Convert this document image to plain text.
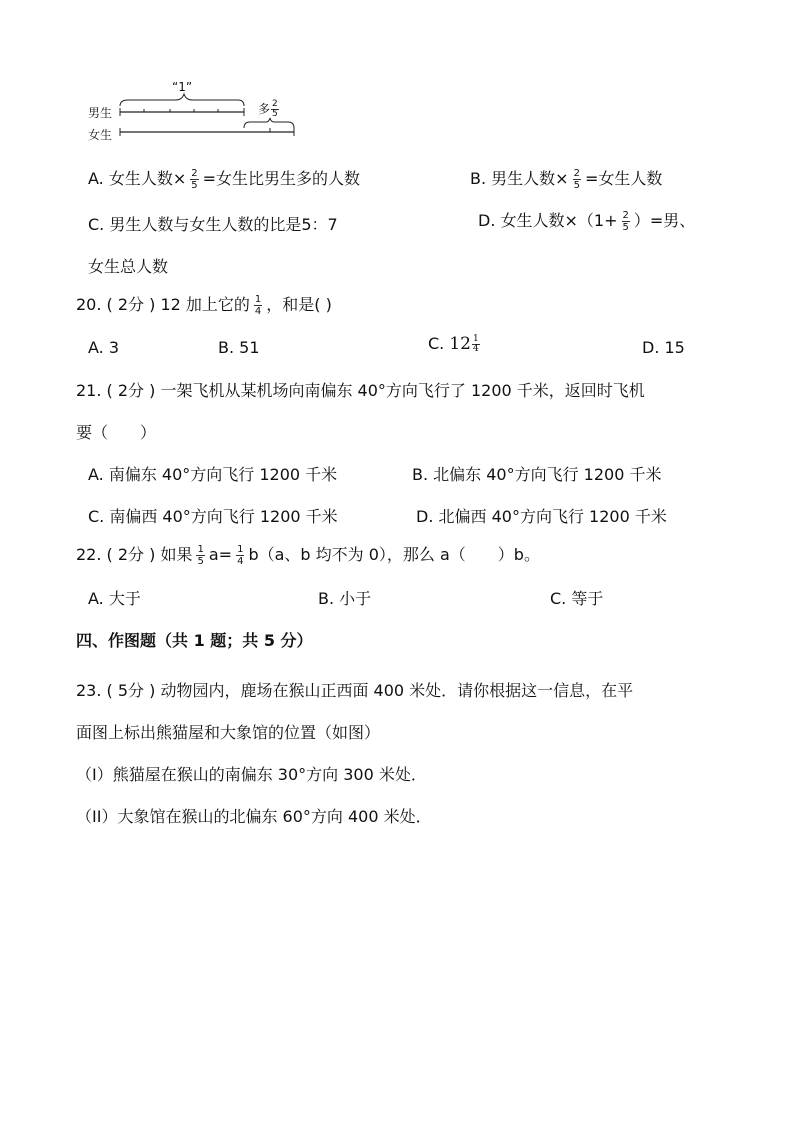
“1”
男生
女生
多 $\frac{2}{5}$
A. 女生人数× $\frac{2}{5}$ =女生比男生多的人数	B. 男生人数× $\frac{2}{5}$ =女生人数
C. 男生人数与女生人数的比是5：7	D. 女生人数$\times(1+ \frac{2}{5}$ ）=男、
女生总人数
20. ( 2分 ) 12 加上它的 $\frac{1}{4}$ ，和是( )
A. 3	B. 51	C. $12 \frac{1}{4}$	D. 15
21. ( 2分 ) 一架飞机从某机场向南偏东 40°方向飞行了 1200 千米，返回时飞机
要（　　）
A. 南偏东 40°方向飞行 1200 千米	B. 北偏东 40°方向飞行 1200 千米
C. 南偏西 40°方向飞行 1200 千米	D. 北偏西 40°方向飞行 1200 千米
22. ( 2分 ) 如果 $\frac{1}{5} a= \frac{1}{4} b(a$、b 均不为 0），那么 a（　　）b。
A. 大于	B. 小于	C. 等于
四、作图题（共 1 题；共 5 分）
23. ( 5分 ) 动物园内，鹿场在猴山正西面 400 米处．请你根据这一信息，在平
面图上标出熊猫屋和大象馆的位置（如图）
（I）熊猫屋在猴山的南偏东 30°方向 300 米处．
（II）大象馆在猴山的北偏东 60°方向 400 米处．
